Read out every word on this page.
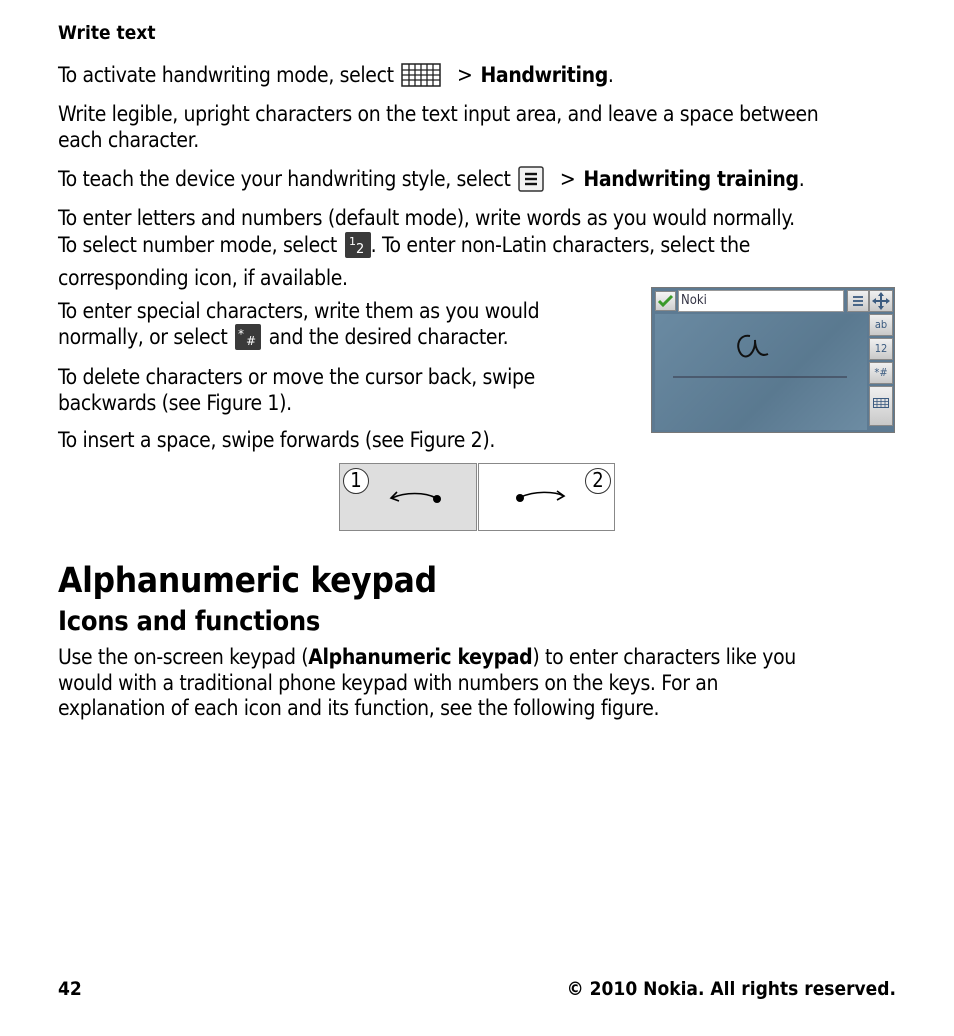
Write text

To activate handwriting mode, select	> Handwriting.

Write legible, upright characters on the text input area, and leave a space between
each character.

To teach the device your handwriting style, select > Handwriting training.

To enter letters and numbers (default mode), write words as you would normally.
To select number mode, select 1
2 . To enter non-Latin characters, select the
corresponding icon, if available.

To enter special characters, write them as you would
normally, or select * # and the desired character.

To delete characters or move the cursor back, swipe
backwards (see Figure 1).

To insert a space, swipe forwards (see Figure 2).

Alphanumeric keypad
Icons and functions

Use the on-screen keypad (Alphanumeric keypad) to enter characters like you
would with a traditional phone keypad with numbers on the keys. For an
explanation of each icon and its function, see the following figure.

Noki
ab
12
*#
1	2
42	© 2010 Nokia. All rights reserved.
